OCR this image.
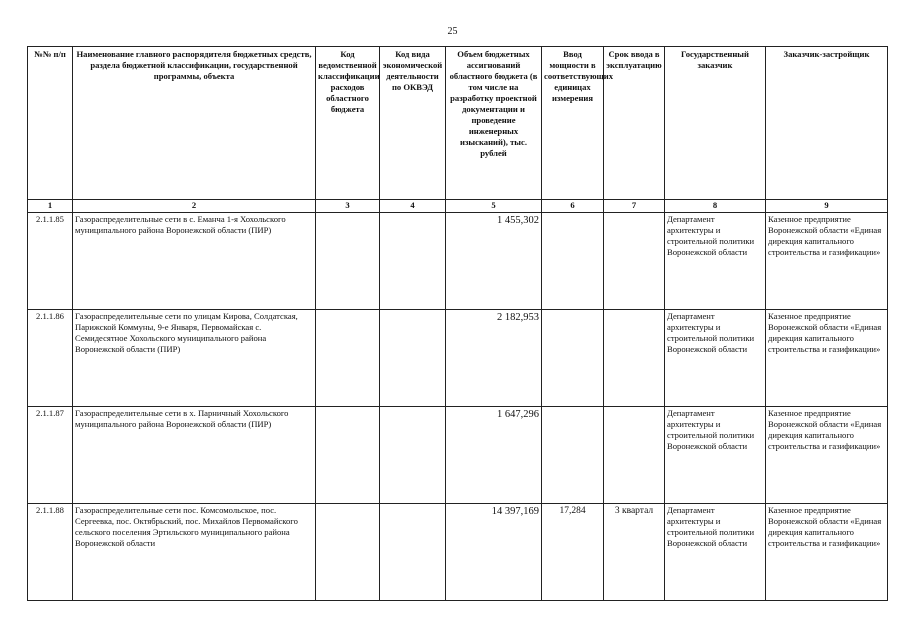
25
№№ п/п	Наименование главного распорядителя бюджетных средств, раздела бюджетной классификации, государственной программы, объекта	Код ведомственной классификации расходов областного бюджета	Код вида экономической деятельности по ОКВЭД	Объем бюджетных ассигнований областного бюджета (в том числе на разработку проектной документации и проведение инженерных изысканий), тыс. рублей	Ввод мощности в соответствующих единицах измерения	Срок ввода в эксплуатацию	Государственный заказчик	Заказчик-застройщик
1	2	3	4	5	6	7	8	9
2.1.1.85	Газораспределительные сети в с. Еманча 1-я Хохольского муниципального района Воронежской области (ПИР)			1 455,302			Департамент архитектуры и строительной политики Воронежской области	Казенное предприятие Воронежской области «Единая дирекция капитального строительства и газификации»
2.1.1.86	Газораспределительные сети по улицам Кирова, Солдатская, Парижской Коммуны, 9-е Января, Первомайская с. Семидесятное Хохольского муниципального района Воронежской области (ПИР)			2 182,953			Департамент архитектуры и строительной политики Воронежской области	Казенное предприятие Воронежской области «Единая дирекция капитального строительства и газификации»
2.1.1.87	Газораспределительные сети в х. Парничный Хохольского муниципального района Воронежской области (ПИР)			1 647,296			Департамент архитектуры и строительной политики Воронежской области	Казенное предприятие Воронежской области «Единая дирекция капитального строительства и газификации»
2.1.1.88	Газораспределительные сети пос. Комсомольское, пос. Сергеевка, пос. Октябрьский, пос. Михайлов Первомайского сельского поселения Эртильского муниципального района Воронежской области			14 397,169	17,284	3 квартал	Департамент архитектуры и строительной политики Воронежской области	Казенное предприятие Воронежской области «Единая дирекция капитального строительства и газификации»
